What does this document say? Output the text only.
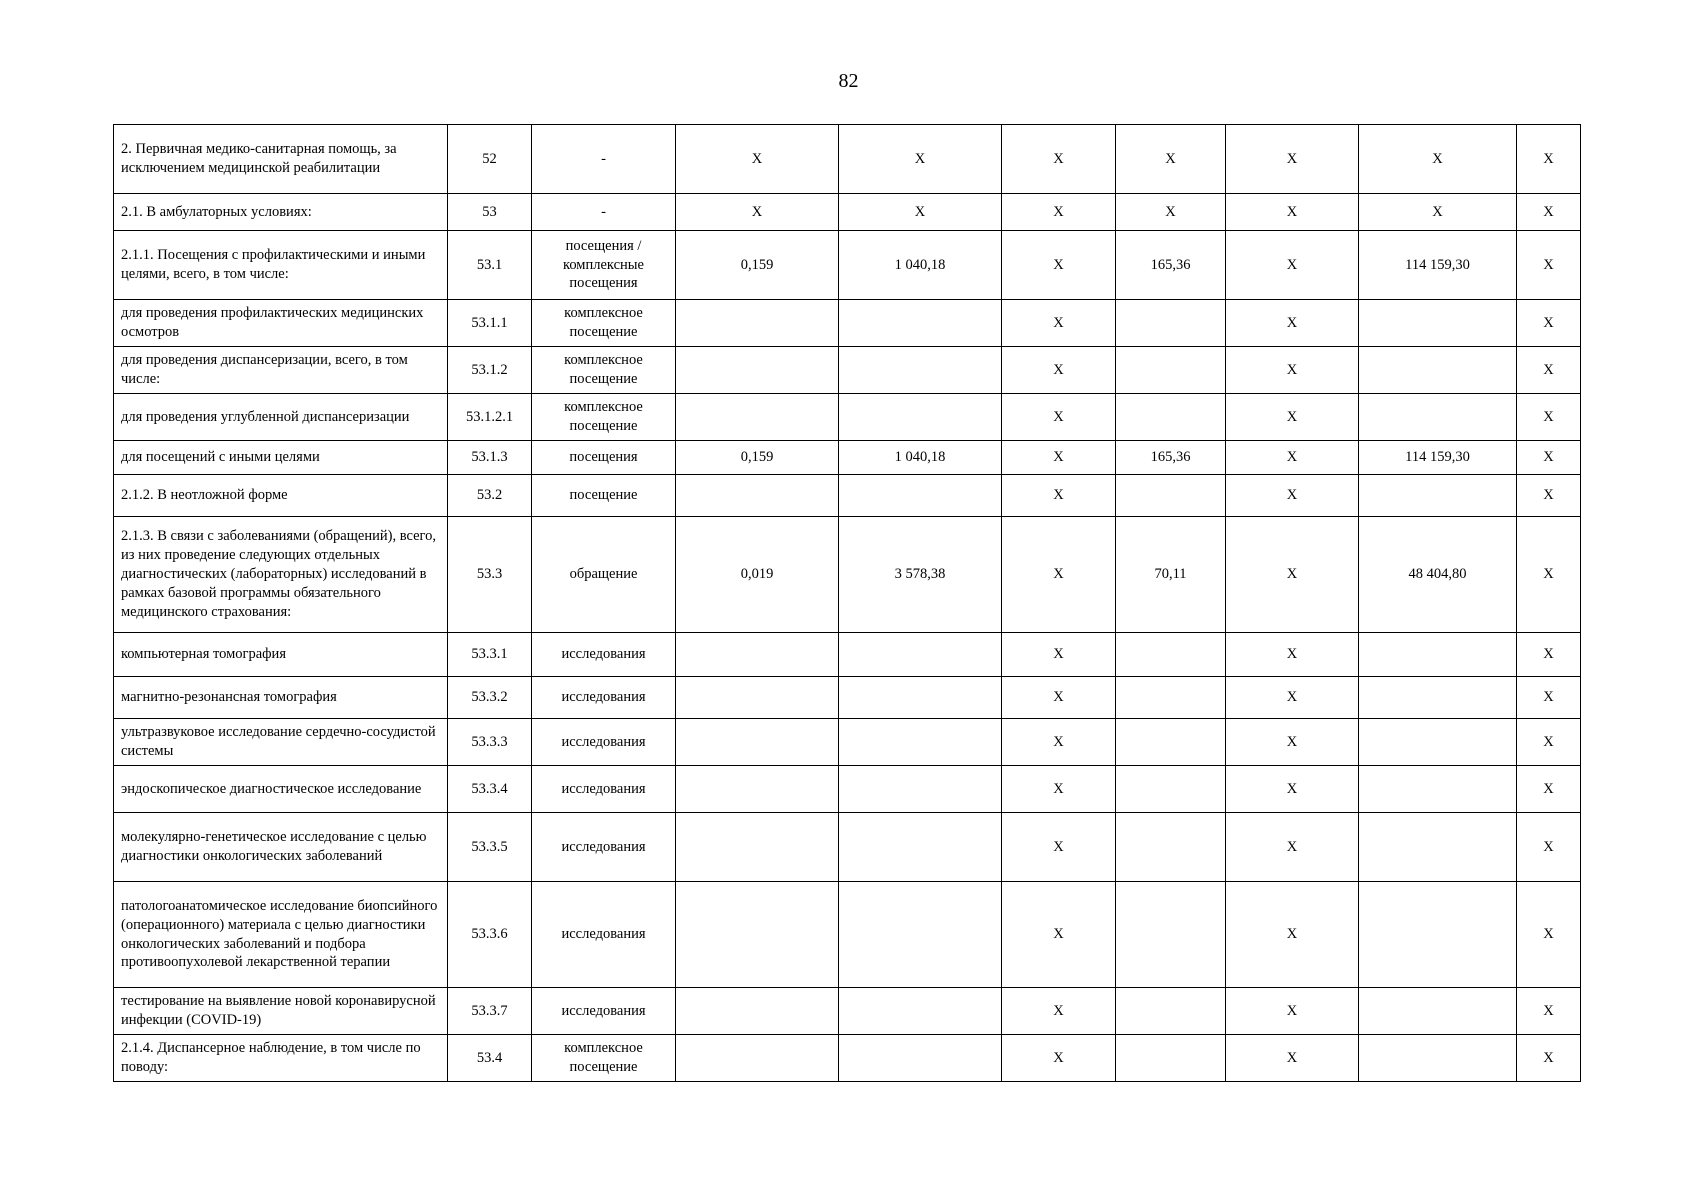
82
2. Первичная медико-санитарная помощь, за исключением медицинской реабилитации	52	-	X	X	X	X	X	X	X
2.1. В амбулаторных условиях:	53	-	X	X	X	X	X	X	X
2.1.1. Посещения с профилактическими и иными целями, всего, в том числе:	53.1	посещения / комплексные посещения	0,159	1 040,18	X	165,36	X	114 159,30	X
для проведения профилактических медицинских осмотров	53.1.1	комплексное посещение			X		X		X
для проведения диспансеризации, всего, в том числе:	53.1.2	комплексное посещение			X		X		X
для проведения углубленной диспансеризации	53.1.2.1	комплексное посещение			X		X		X
для посещений с иными целями	53.1.3	посещения	0,159	1 040,18	X	165,36	X	114 159,30	X
2.1.2. В неотложной форме	53.2	посещение			X		X		X
2.1.3. В связи с заболеваниями (обращений), всего, из них проведение следующих отдельных диагностических (лабораторных) исследований в рамках базовой программы обязательного медицинского страхования:	53.3	обращение	0,019	3 578,38	X	70,11	X	48 404,80	X
компьютерная томография	53.3.1	исследования			X		X		X
магнитно-резонансная томография	53.3.2	исследования			X		X		X
ультразвуковое исследование сердечно-сосудистой системы	53.3.3	исследования			X		X		X
эндоскопическое диагностическое исследование	53.3.4	исследования			X		X		X
молекулярно-генетическое исследование с целью диагностики онкологических заболеваний	53.3.5	исследования			X		X		X
патологоанатомическое исследование биопсийного (операционного) материала с целью диагностики онкологических заболеваний и подбора противоопухолевой лекарственной терапии	53.3.6	исследования			X		X		X
тестирование на выявление новой коронавирусной инфекции (COVID-19)	53.3.7	исследования			X		X		X
2.1.4. Диспансерное наблюдение, в том числе по поводу:	53.4	комплексное посещение			X		X		X
